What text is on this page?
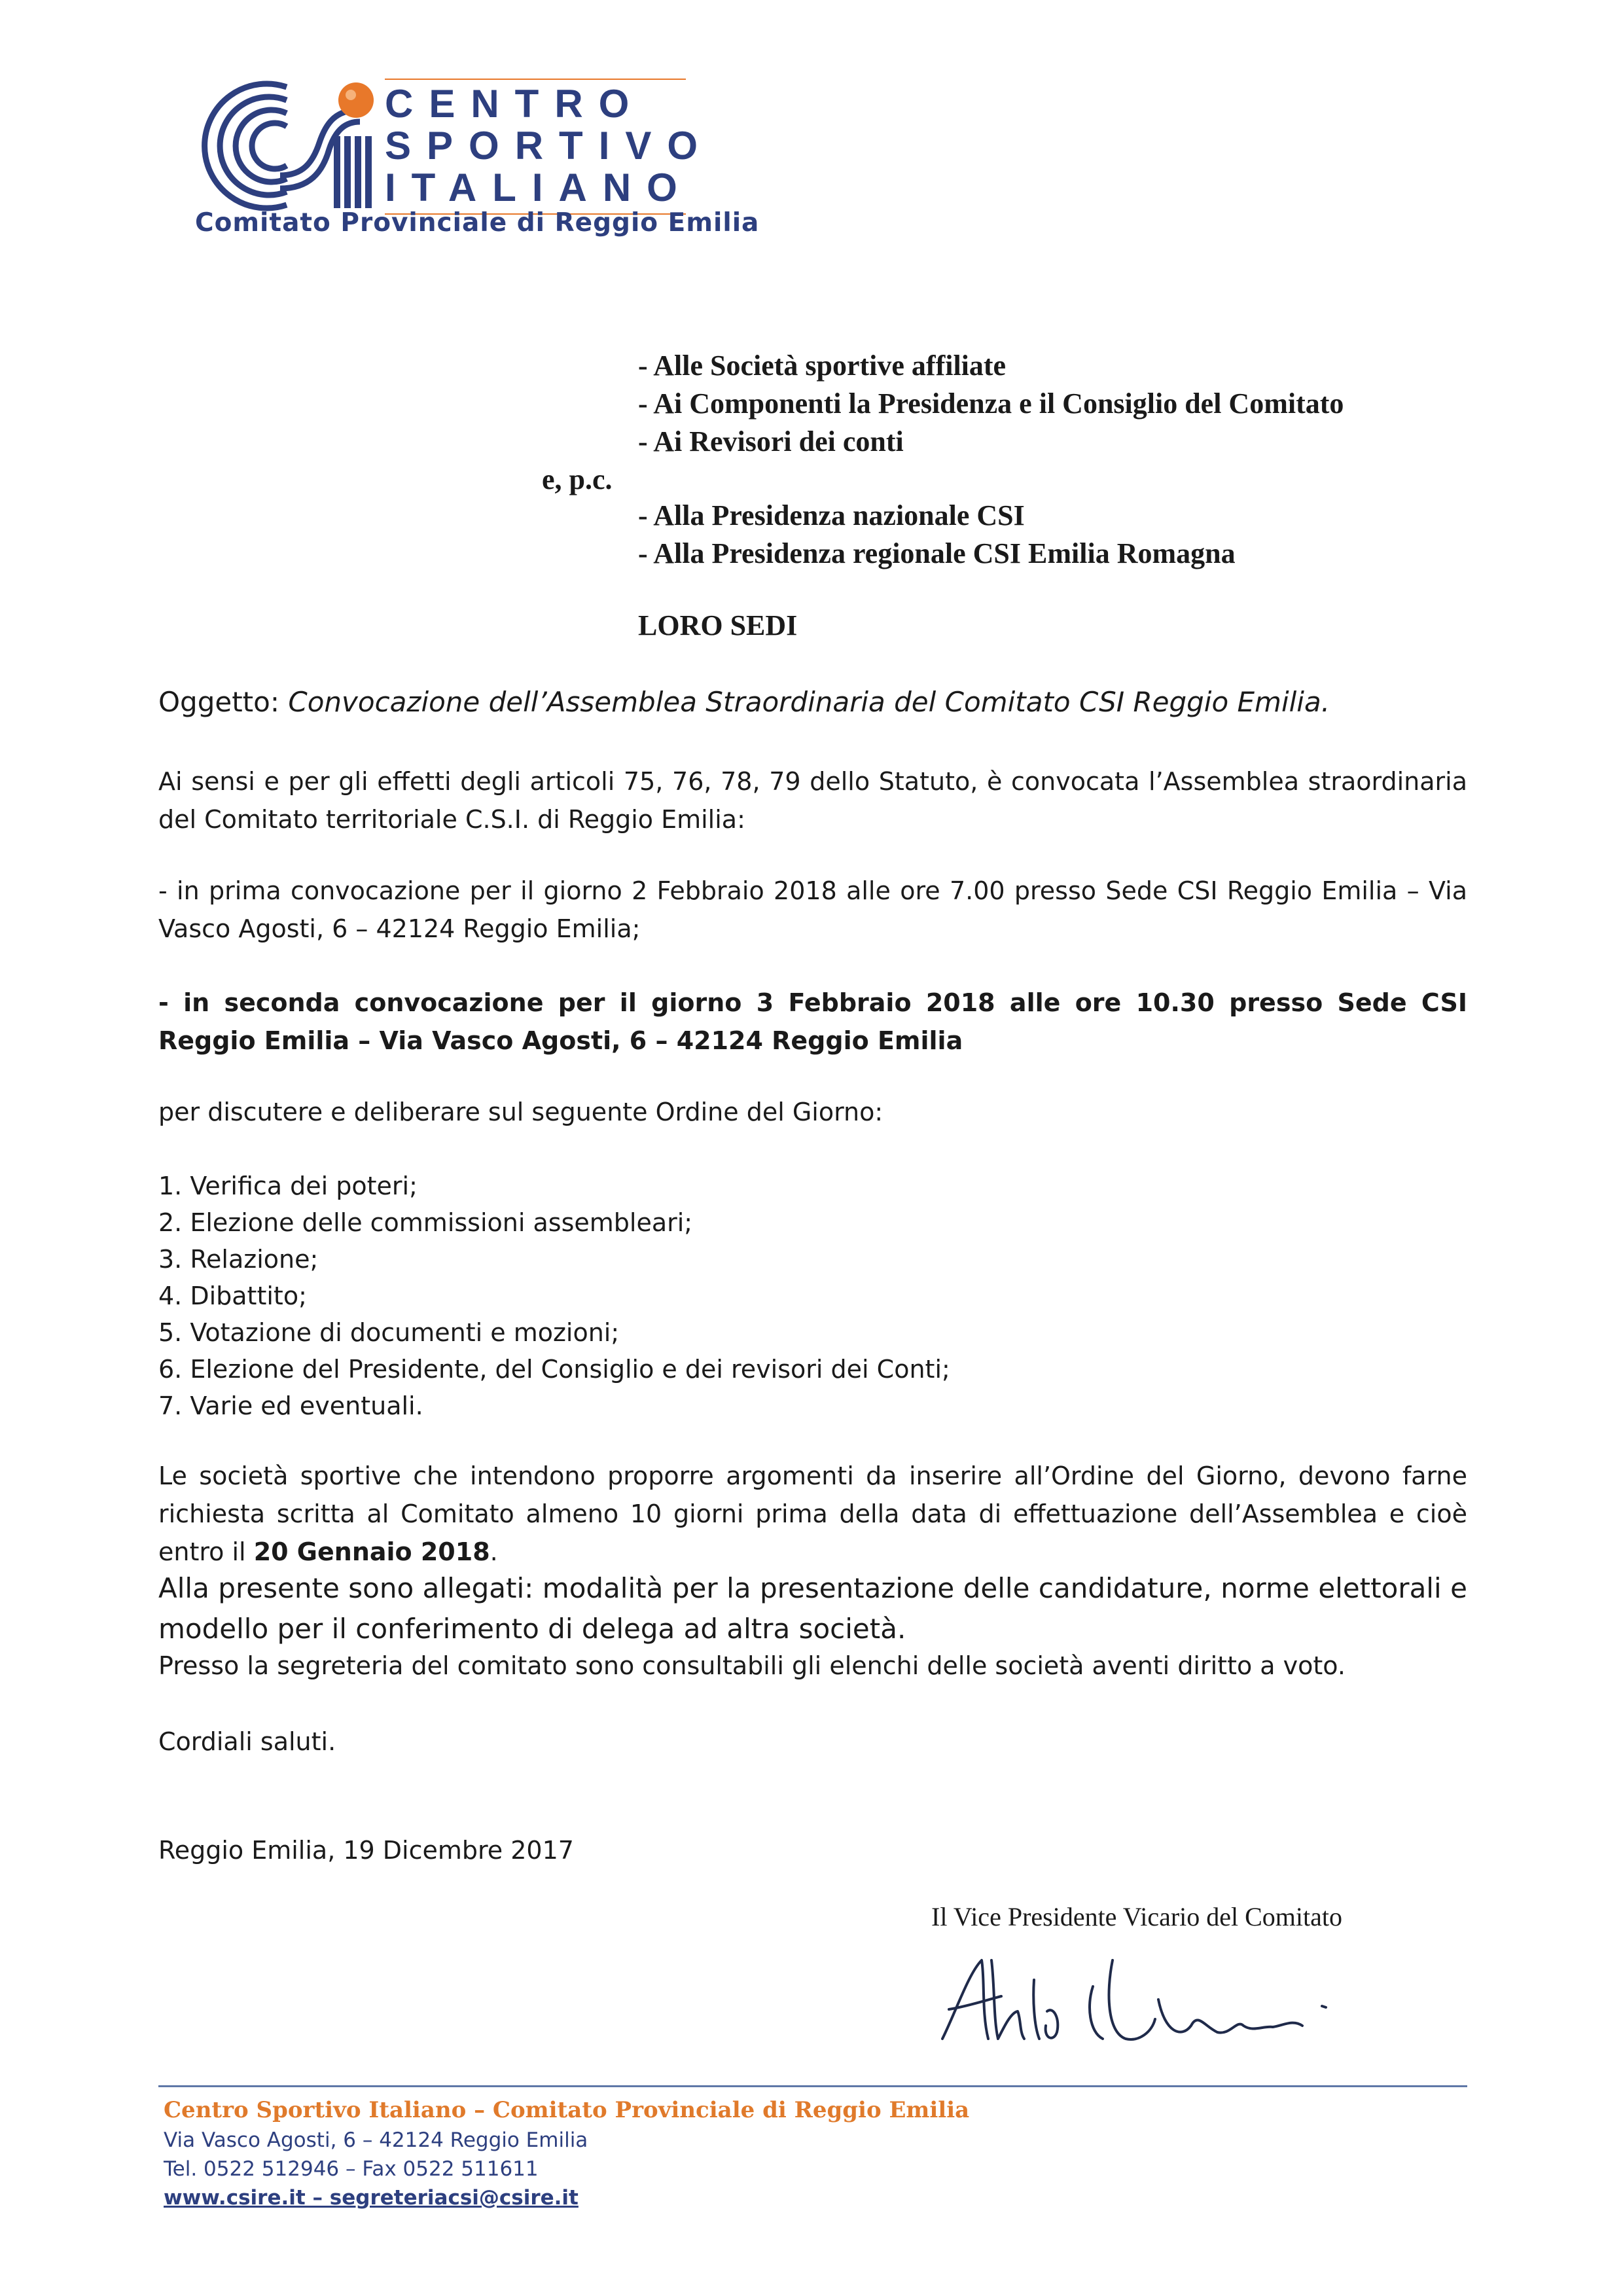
CENTRO
SPORTIVO
ITALIANO
Comitato Provinciale di Reggio Emilia
- Alle Società sportive affiliate
- Ai Componenti la Presidenza e il Consiglio del Comitato
- Ai Revisori dei conti
e, p.c.
- Alla Presidenza nazionale CSI
- Alla Presidenza regionale CSI Emilia Romagna
LORO SEDI
Oggetto: Convocazione dell’Assemblea Straordinaria del Comitato CSI Reggio Emilia.
Ai sensi e per gli effetti degli articoli 75, 76, 78, 79 dello Statuto, è convocata l’Assemblea straordinaria del Comitato territoriale C.S.I. di Reggio Emilia:
- in prima convocazione per il giorno 2 Febbraio 2018 alle ore 7.00 presso Sede CSI Reggio Emilia – Via Vasco Agosti, 6 – 42124 Reggio Emilia;
- in seconda convocazione per il giorno 3 Febbraio 2018 alle ore 10.30 presso Sede CSI Reggio Emilia – Via Vasco Agosti, 6 – 42124 Reggio Emilia
per discutere e deliberare sul seguente Ordine del Giorno:
1. Verifica dei poteri;
2. Elezione delle commissioni assembleari;
3. Relazione;
4. Dibattito;
5. Votazione di documenti e mozioni;
6. Elezione del Presidente, del Consiglio e dei revisori dei Conti;
7. Varie ed eventuali.
Le società sportive che intendono proporre argomenti da inserire all’Ordine del Giorno, devono farne richiesta scritta al Comitato almeno 10 giorni prima della data di effettuazione dell’Assemblea e cioè entro il 20 Gennaio 2018.
Alla presente sono allegati: modalità per la presentazione delle candidature, norme elettorali e modello per il conferimento di delega ad altra società.
Presso la segreteria del comitato sono consultabili gli elenchi delle società aventi diritto a voto.
Cordiali saluti.
Reggio Emilia, 19 Dicembre 2017
Il Vice Presidente Vicario del Comitato
Centro Sportivo Italiano – Comitato Provinciale di Reggio Emilia
Via Vasco Agosti, 6 – 42124 Reggio Emilia
Tel. 0522 512946 – Fax 0522 511611
www.csire.it – segreteriacsi@csire.it
